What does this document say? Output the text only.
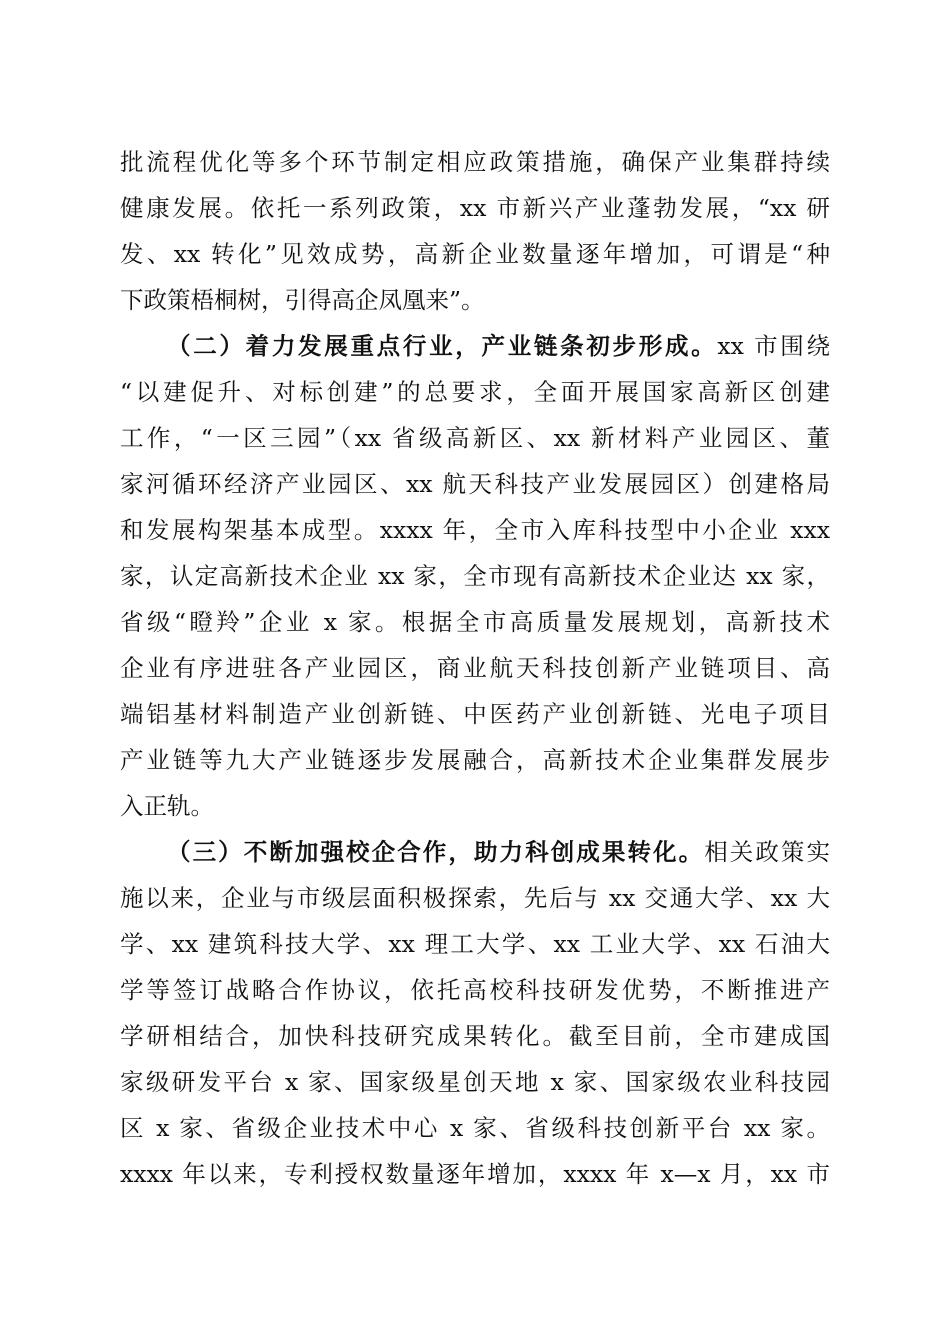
批流程优化等多个环节制定相应政策措施，确保产业集群持续

健康发展。依托一系列政策，xx 市新兴产业蓬勃发展，“xx 研

发、xx 转化”见效成势，高新企业数量逐年增加，可谓是“种

下政策梧桐树，引得高企凤凰来”。

（二）着力发展重点行业，产业链条初步形成。xx 市围绕

“以建促升、对标创建”的总要求，全面开展国家高新区创建

工作，“一区三园”（xx 省级高新区、xx 新材料产业园区、董

家河循环经济产业园区、xx 航天科技产业发展园区）创建格局

和发展构架基本成型。xxxx 年，全市入库科技型中小企业 xxx

家，认定高新技术企业 xx 家，全市现有高新技术企业达 xx 家，

省级“瞪羚”企业 x 家。根据全市高质量发展规划，高新技术

企业有序进驻各产业园区，商业航天科技创新产业链项目、高

端铝基材料制造产业创新链、中医药产业创新链、光电子项目

产业链等九大产业链逐步发展融合，高新技术企业集群发展步

入正轨。

（三）不断加强校企合作，助力科创成果转化。相关政策实

施以来，企业与市级层面积极探索，先后与 xx 交通大学、xx 大

学、xx 建筑科技大学、xx 理工大学、xx 工业大学、xx 石油大

学等签订战略合作协议，依托高校科技研发优势，不断推进产

学研相结合，加快科技研究成果转化。截至目前，全市建成国

家级研发平台 x 家、国家级星创天地 x 家、国家级农业科技园

区 x 家、省级企业技术中心 x 家、省级科技创新平台 xx 家。

xxxx 年以来，专利授权数量逐年增加，xxxx 年 x—x 月，xx 市
